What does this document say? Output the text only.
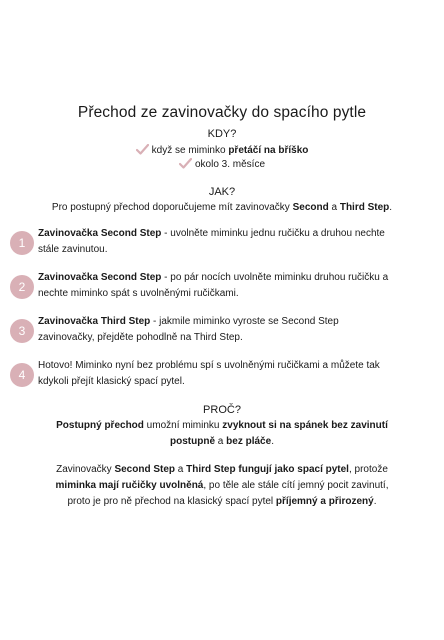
Přechod ze zavinovačky do spacího pytle
KDY?
když se miminko přetáčí na bříško
okolo 3. měsíce
JAK?
Pro postupný přechod doporučujeme mít zavinovačky Second a Third Step.
1
Zavinovačka Second Step - uvolněte miminku jednu ručičku a druhou nechte
stále zavinutou.
2
Zavinovačka Second Step - po pár nocích uvolněte miminku druhou ručičku a
nechte miminko spát s uvolněnými ručičkami.
3
Zavinovačka Third Step - jakmile miminko vyroste se Second Step
zavinovačky, přejděte pohodlně na Third Step.
4
Hotovo! Miminko nyní bez problému spí s uvolněnými ručičkami a můžete tak
kdykoli přejít klasický spací pytel.
PROČ?
Postupný přechod umožní miminku zvyknout si na spánek bez zavinutí
postupně a bez pláče.
Zavinovačky Second Step a Third Step fungují jako spací pytel, protože
miminka mají ručičky uvolněná, po těle ale stále cítí jemný pocit zavinutí,
proto je pro ně přechod na klasický spací pytel příjemný a přirozený.
